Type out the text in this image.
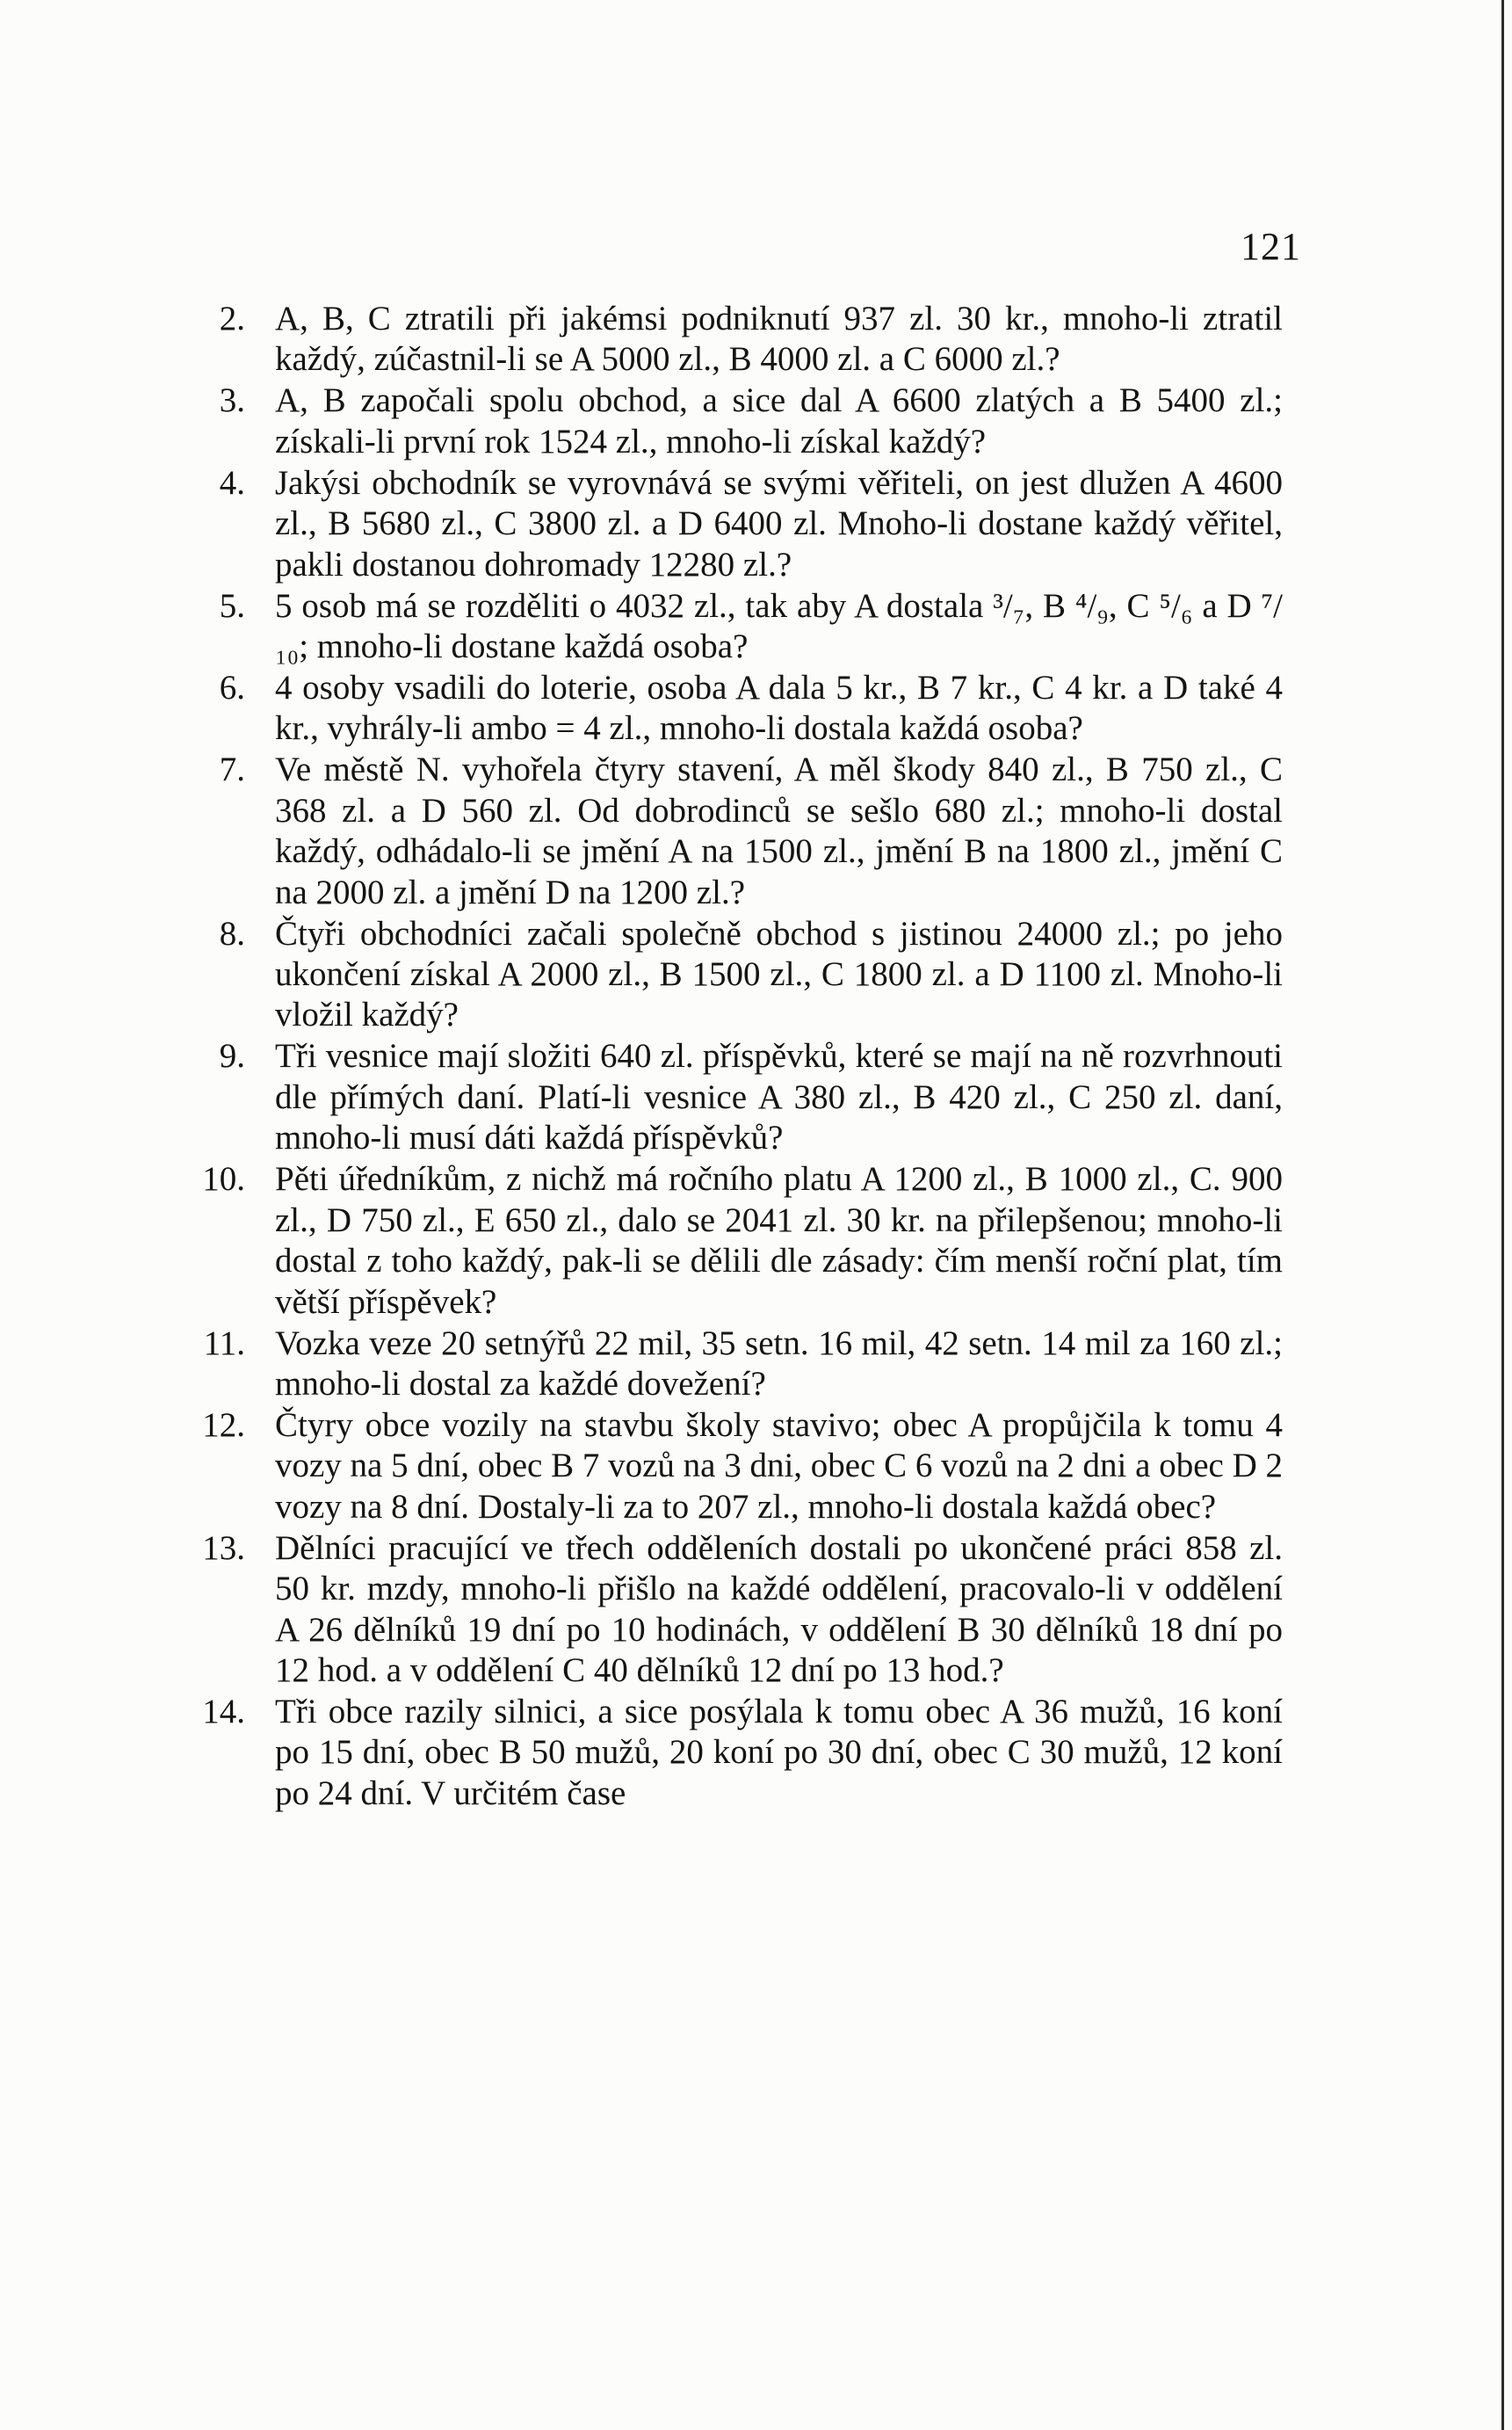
121
2. A, B, C ztratili při jakémsi podniknutí 937 zl. 30 kr., mnoho-li ztratil každý, zúčastnil-li se A 5000 zl., B 4000 zl. a C 6000 zl.?
3. A, B započali spolu obchod, a sice dal A 6600 zlatých a B 5400 zl.; získali-li první rok 1524 zl., mnoho-li získal každý?
4. Jakýsi obchodník se vyrovnává se svými věřiteli, on jest dlužen A 4600 zl., B 5680 zl., C 3800 zl. a D 6400 zl. Mnoho-li dostane každý věřitel, pakli dostanou dohromady 12280 zl.?
5. 5 osob má se rozděliti o 4032 zl., tak aby A dostala ³/₇, B ⁴/₉, C ⁵/₆ a D ⁷/₁₀; mnoho-li dostane každá osoba?
6. 4 osoby vsadili do loterie, osoba A dala 5 kr., B 7 kr., C 4 kr. a D také 4 kr., vyhrály-li ambo = 4 zl., mnoho-li dostala každá osoba?
7. Ve městě N. vyhořela čtyry stavení, A měl škody 840 zl., B 750 zl., C 368 zl. a D 560 zl. Od dobrodinců se sešlo 680 zl.; mnoho-li dostal každý, odhádalo-li se jmění A na 1500 zl., jmění B na 1800 zl., jmění C na 2000 zl. a jmění D na 1200 zl.?
8. Čtyři obchodníci začali společně obchod s jistinou 24000 zl.; po jeho ukončení získal A 2000 zl., B 1500 zl., C 1800 zl. a D 1100 zl. Mnoho-li vložil každý?
9. Tři vesnice mají složiti 640 zl. příspěvků, které se mají na ně rozvrhnouti dle přímých daní. Platí-li vesnice A 380 zl., B 420 zl., C 250 zl. daní, mnoho-li musí dáti každá příspěvků?
10. Pěti úředníkům, z nichž má ročního platu A 1200 zl., B 1000 zl., C. 900 zl., D 750 zl., E 650 zl., dalo se 2041 zl. 30 kr. na přilepšenou; mnoho-li dostal z toho každý, pak-li se dělili dle zásady: čím menší roční plat, tím větší příspěvek?
11. Vozka veze 20 setnýřů 22 mil, 35 setn. 16 mil, 42 setn. 14 mil za 160 zl.; mnoho-li dostal za každé dovežení?
12. Čtyry obce vozily na stavbu školy stavivo; obec A propůjčila k tomu 4 vozy na 5 dní, obec B 7 vozů na 3 dni, obec C 6 vozů na 2 dni a obec D 2 vozy na 8 dní. Dostaly-li za to 207 zl., mnoho-li dostala každá obec?
13. Dělníci pracující ve třech odděleních dostali po ukončené práci 858 zl. 50 kr. mzdy, mnoho-li přišlo na každé oddělení, pracovalo-li v oddělení A 26 dělníků 19 dní po 10 hodinách, v oddělení B 30 dělníků 18 dní po 12 hod. a v oddělení C 40 dělníků 12 dní po 13 hod.?
14. Tři obce razily silnici, a sice posýlala k tomu obec A 36 mužů, 16 koní po 15 dní, obec B 50 mužů, 20 koní po 30 dní, obec C 30 mužů, 12 koní po 24 dní. V určitém čase
